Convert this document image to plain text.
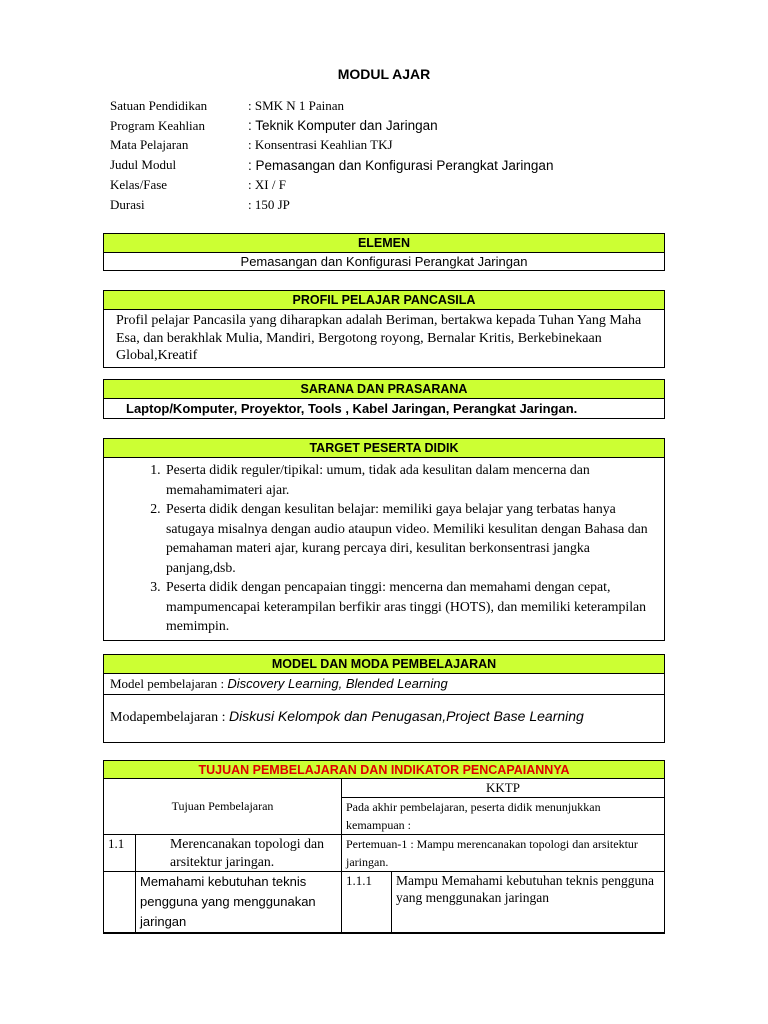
MODUL AJAR
Satuan Pendidikan	: SMK N 1 Painan
Program Keahlian	: Teknik Komputer dan Jaringan
Mata Pelajaran	: Konsentrasi Keahlian TKJ
Judul Modul	: Pemasangan dan Konfigurasi Perangkat Jaringan
Kelas/Fase	: XI / F
Durasi	: 150 JP
ELEMEN
Pemasangan dan Konfigurasi Perangkat Jaringan
PROFIL PELAJAR PANCASILA
Profil pelajar Pancasila yang diharapkan adalah Beriman, bertakwa kepada Tuhan Yang Maha Esa, dan berakhlak Mulia, Mandiri, Bergotong royong, Bernalar Kritis, Berkebinekaan Global,Kreatif
SARANA DAN PRASARANA
Laptop/Komputer, Proyektor, Tools , Kabel Jaringan, Perangkat Jaringan.
TARGET PESERTA DIDIK
1. Peserta didik reguler/tipikal: umum, tidak ada kesulitan dalam mencerna dan memahamimateri ajar.
2. Peserta didik dengan kesulitan belajar: memiliki gaya belajar yang terbatas hanya satugaya misalnya dengan audio ataupun video. Memiliki kesulitan dengan Bahasa dan pemahaman materi ajar, kurang percaya diri, kesulitan berkonsentrasi jangka panjang,dsb.
3. Peserta didik dengan pencapaian tinggi: mencerna dan memahami dengan cepat, mampumencapai keterampilan berfikir aras tinggi (HOTS), dan memiliki keterampilan memimpin.
MODEL DAN MODA PEMBELAJARAN
Model pembelajaran : Discovery Learning, Blended Learning
Modapembelajaran : Diskusi Kelompok dan Penugasan,Project Base Learning
TUJUAN PEMBELAJARAN DAN INDIKATOR PENCAPAIANNYA
Tujuan Pembelajaran		KKTP	
		Pada akhir pembelajaran, peserta didik menunjukkan kemampuan :	
1.1	Merencanakan topologi dan arsitektur jaringan.	Pertemuan-1 : Mampu merencanakan topologi dan arsitektur jaringan.	
	Memahami kebutuhan teknis pengguna yang menggunakan jaringan	1.1.1	Mampu Memahami kebutuhan teknis pengguna yang menggunakan jaringan
